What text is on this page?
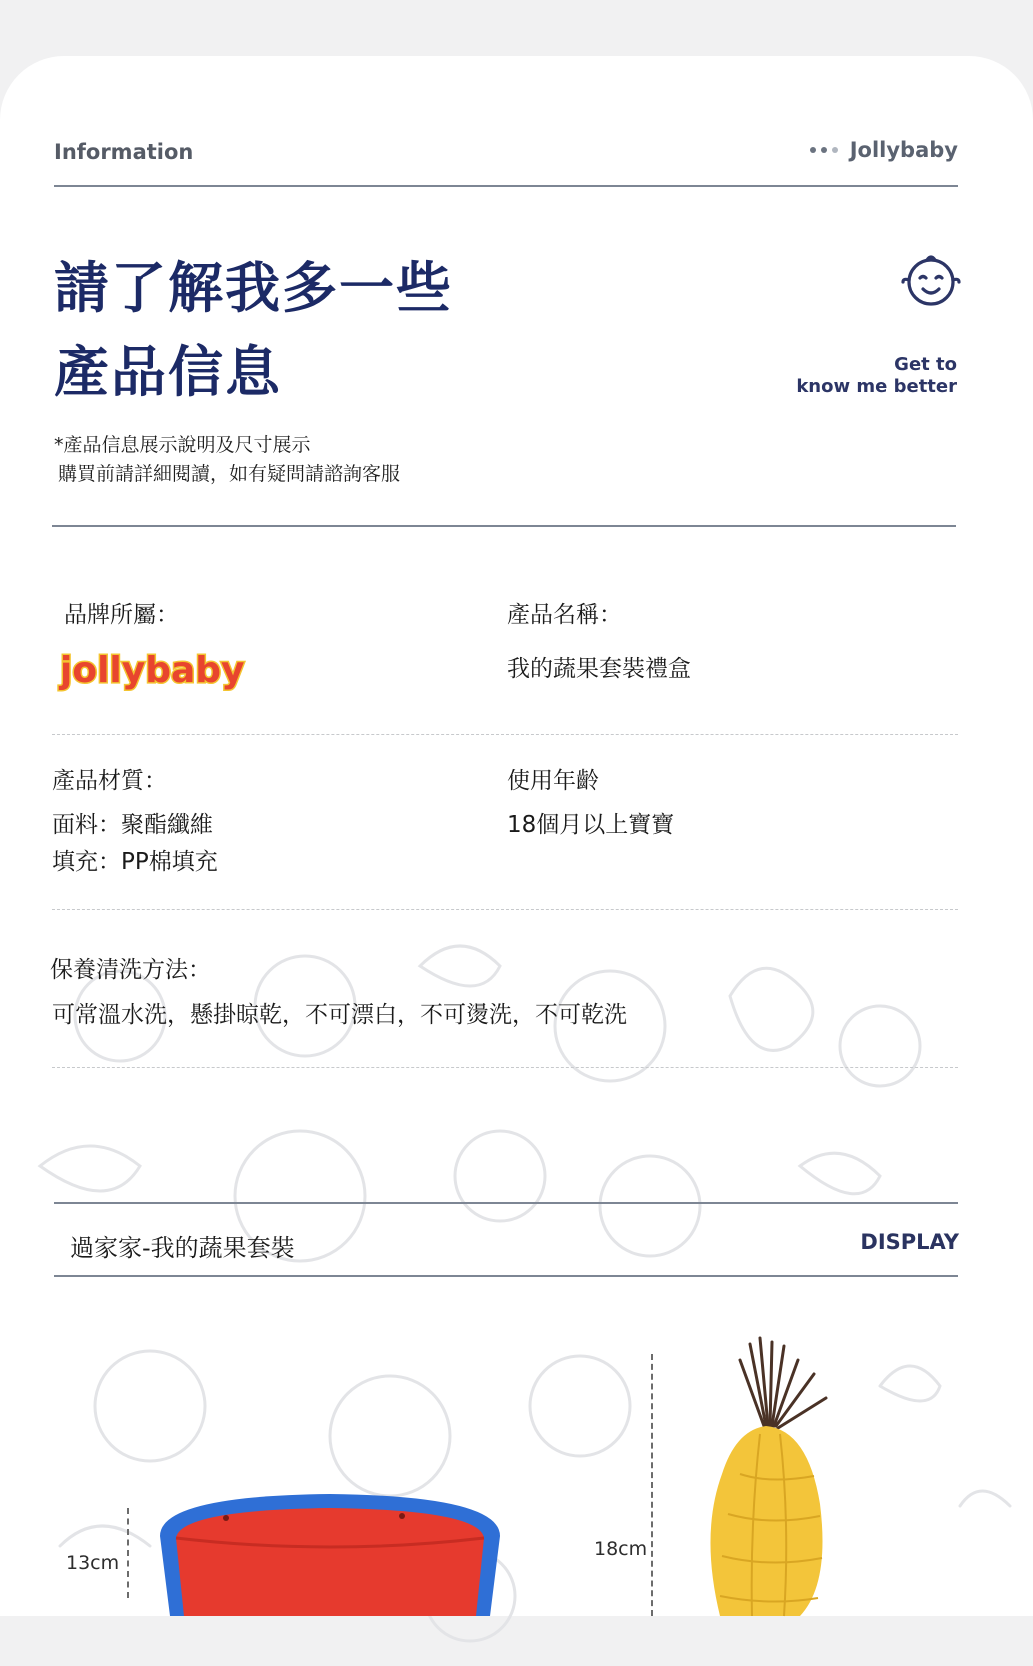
Information	Jollybaby
請了解我多一些
產品信息	Get to
know me better
*產品信息展示說明及尺寸展示
購買前請詳細閱讀，如有疑問請諮詢客服
品牌所屬：
jollybaby
產品名稱：
我的蔬果套裝禮盒
產品材質：
面料：聚酯纖維
填充：PP棉填充
使用年齡
18個月以上寶寶
保養清洗方法：
可常溫水洗，懸掛晾乾，不可漂白，不可燙洗，不可乾洗
過家家-我的蔬果套裝	DISPLAY
13cm
18cm
